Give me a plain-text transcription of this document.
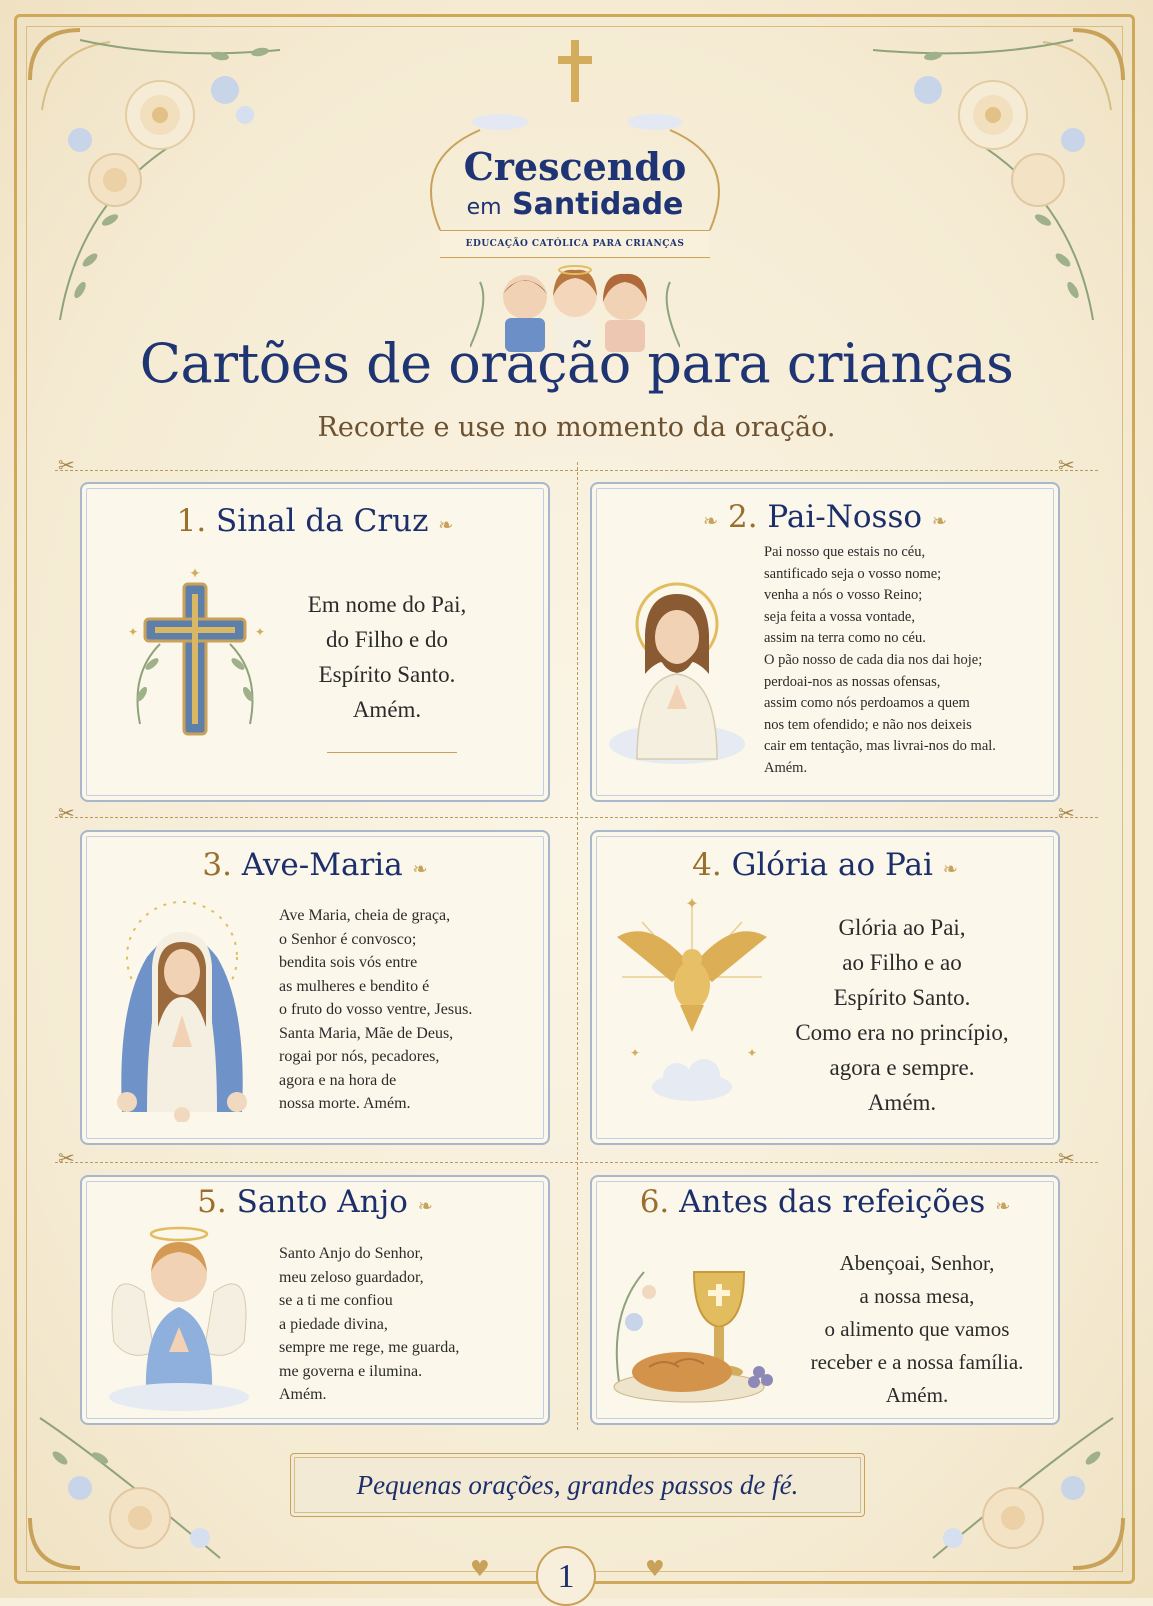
Crescendo
em Santidade
EDUCAÇÃO CATÓLICA PARA CRIANÇAS
Cartões de oração para crianças
Recorte e use no momento da oração.
✂	✂
✂	✂
✂	✂
1. Sinal da Cruz ❧
✦
✦	✦
Em nome do Pai,
do Filho e do
Espírito Santo.
Amém.
❧ 2. Pai-Nosso ❧
Pai nosso que estais no céu,
santificado seja o vosso nome;
venha a nós o vosso Reino;
seja feita a vossa vontade,
assim na terra como no céu.
O pão nosso de cada dia nos dai hoje;
perdoai-nos as nossas ofensas,
assim como nós perdoamos a quem
nos tem ofendido; e não nos deixeis
cair em tentação, mas livrai-nos do mal.
Amém.
3. Ave-Maria ❧
Ave Maria, cheia de graça,
o Senhor é convosco;
bendita sois vós entre
as mulheres e bendito é
o fruto do vosso ventre, Jesus.
Santa Maria, Mãe de Deus,
rogai por nós, pecadores,
agora e na hora de
nossa morte. Amém.
4. Glória ao Pai ❧
✦
✦	✦
Glória ao Pai,
ao Filho e ao
Espírito Santo.
Como era no princípio,
agora e sempre.
Amém.
5. Santo Anjo ❧
Santo Anjo do Senhor,
meu zeloso guardador,
se a ti me confiou
a piedade divina,
sempre me rege, me guarda,
me governa e ilumina.
Amém.
6. Antes das refeições ❧
Abençoai, Senhor,
a nossa mesa,
o alimento que vamos
receber e a nossa família.
Amém.
Pequenas orações, grandes passos de fé.
♥	♥
1
